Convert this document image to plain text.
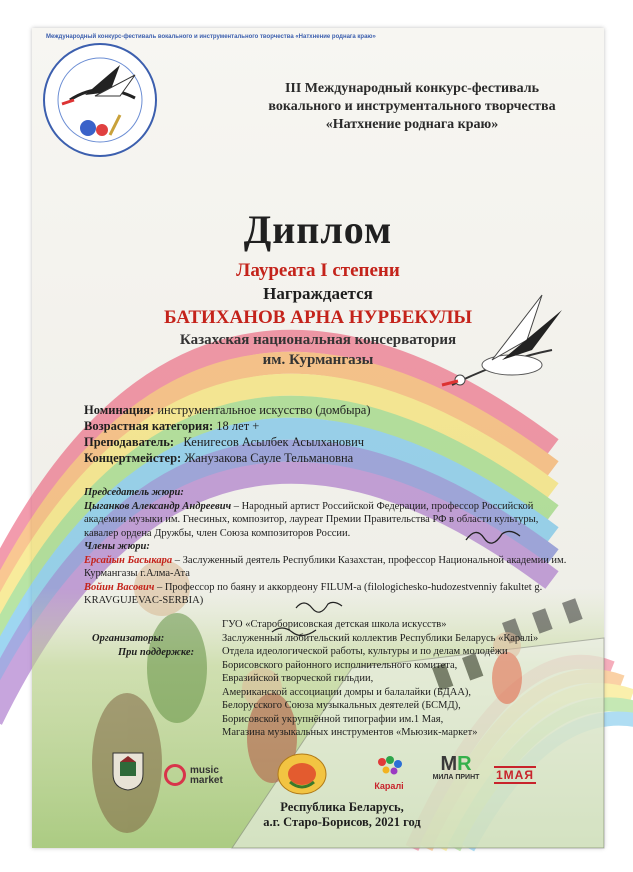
Международный конкурс-фестиваль вокального и инструментального творчества «Натхнение роднага краю»
III Международный конкурс-фестиваль
вокального и инструментального творчества
«Натхнение роднага краю»
Диплом
Лауреата I степени
Награждается
БАТИХАНОВ АРНА НУРБЕКУЛЫ
Казахская национальная консерватория
им. Курмангазы
Номинация: инструментальное искусство (домбыра)
Возрастная категория: 18 лет +
Преподаватель: Кенигесов Асылбек Асылханович
Концертмейстер: Жанузакова Сауле Тельмановна
Председатель жюри:
Цыганков Александр Андреевич – Народный артист Российской Федерации, профессор Российской академии музыки им. Гнесиных, композитор, лауреат Премии Правительства РФ в области культуры, кавалер ордена Дружбы, член Союза композиторов России.
Члены жюри:
Ерсайын Басыкара – Заслуженный деятель Республики Казахстан, профессор Национальной академии им. Курмангазы г.Алма-Ата
Войин Васович – Профессор по баяну и аккордеону FILUM-a (filologichesko-hudozestvenniy fakultet g. KRAVGUJEVAC-SERBIA)
Организаторы:
ГУО «Староборисовская детская школа искусств»
Заслуженный любительский коллектив Республики Беларусь «Каралі»
При поддержке:	Отдела идеологической работы, культуры и по делам молодёжи
Борисовского районного исполнительного комитета,
Евразийской творческой гильдии,
Американской ассоциации домры и балалайки (БДАА),
Белорусского Союза музыкальных деятелей (БСМД),
Борисовской укрупнённой типографии им.1 Мая,
Магазина музыкальных инструментов «Мьюзик-маркет»
music market	Каралі
MR
МИЛА ПРИНТ	1МАЯ
Республика Беларусь,
а.г. Старо-Борисов, 2021 год
